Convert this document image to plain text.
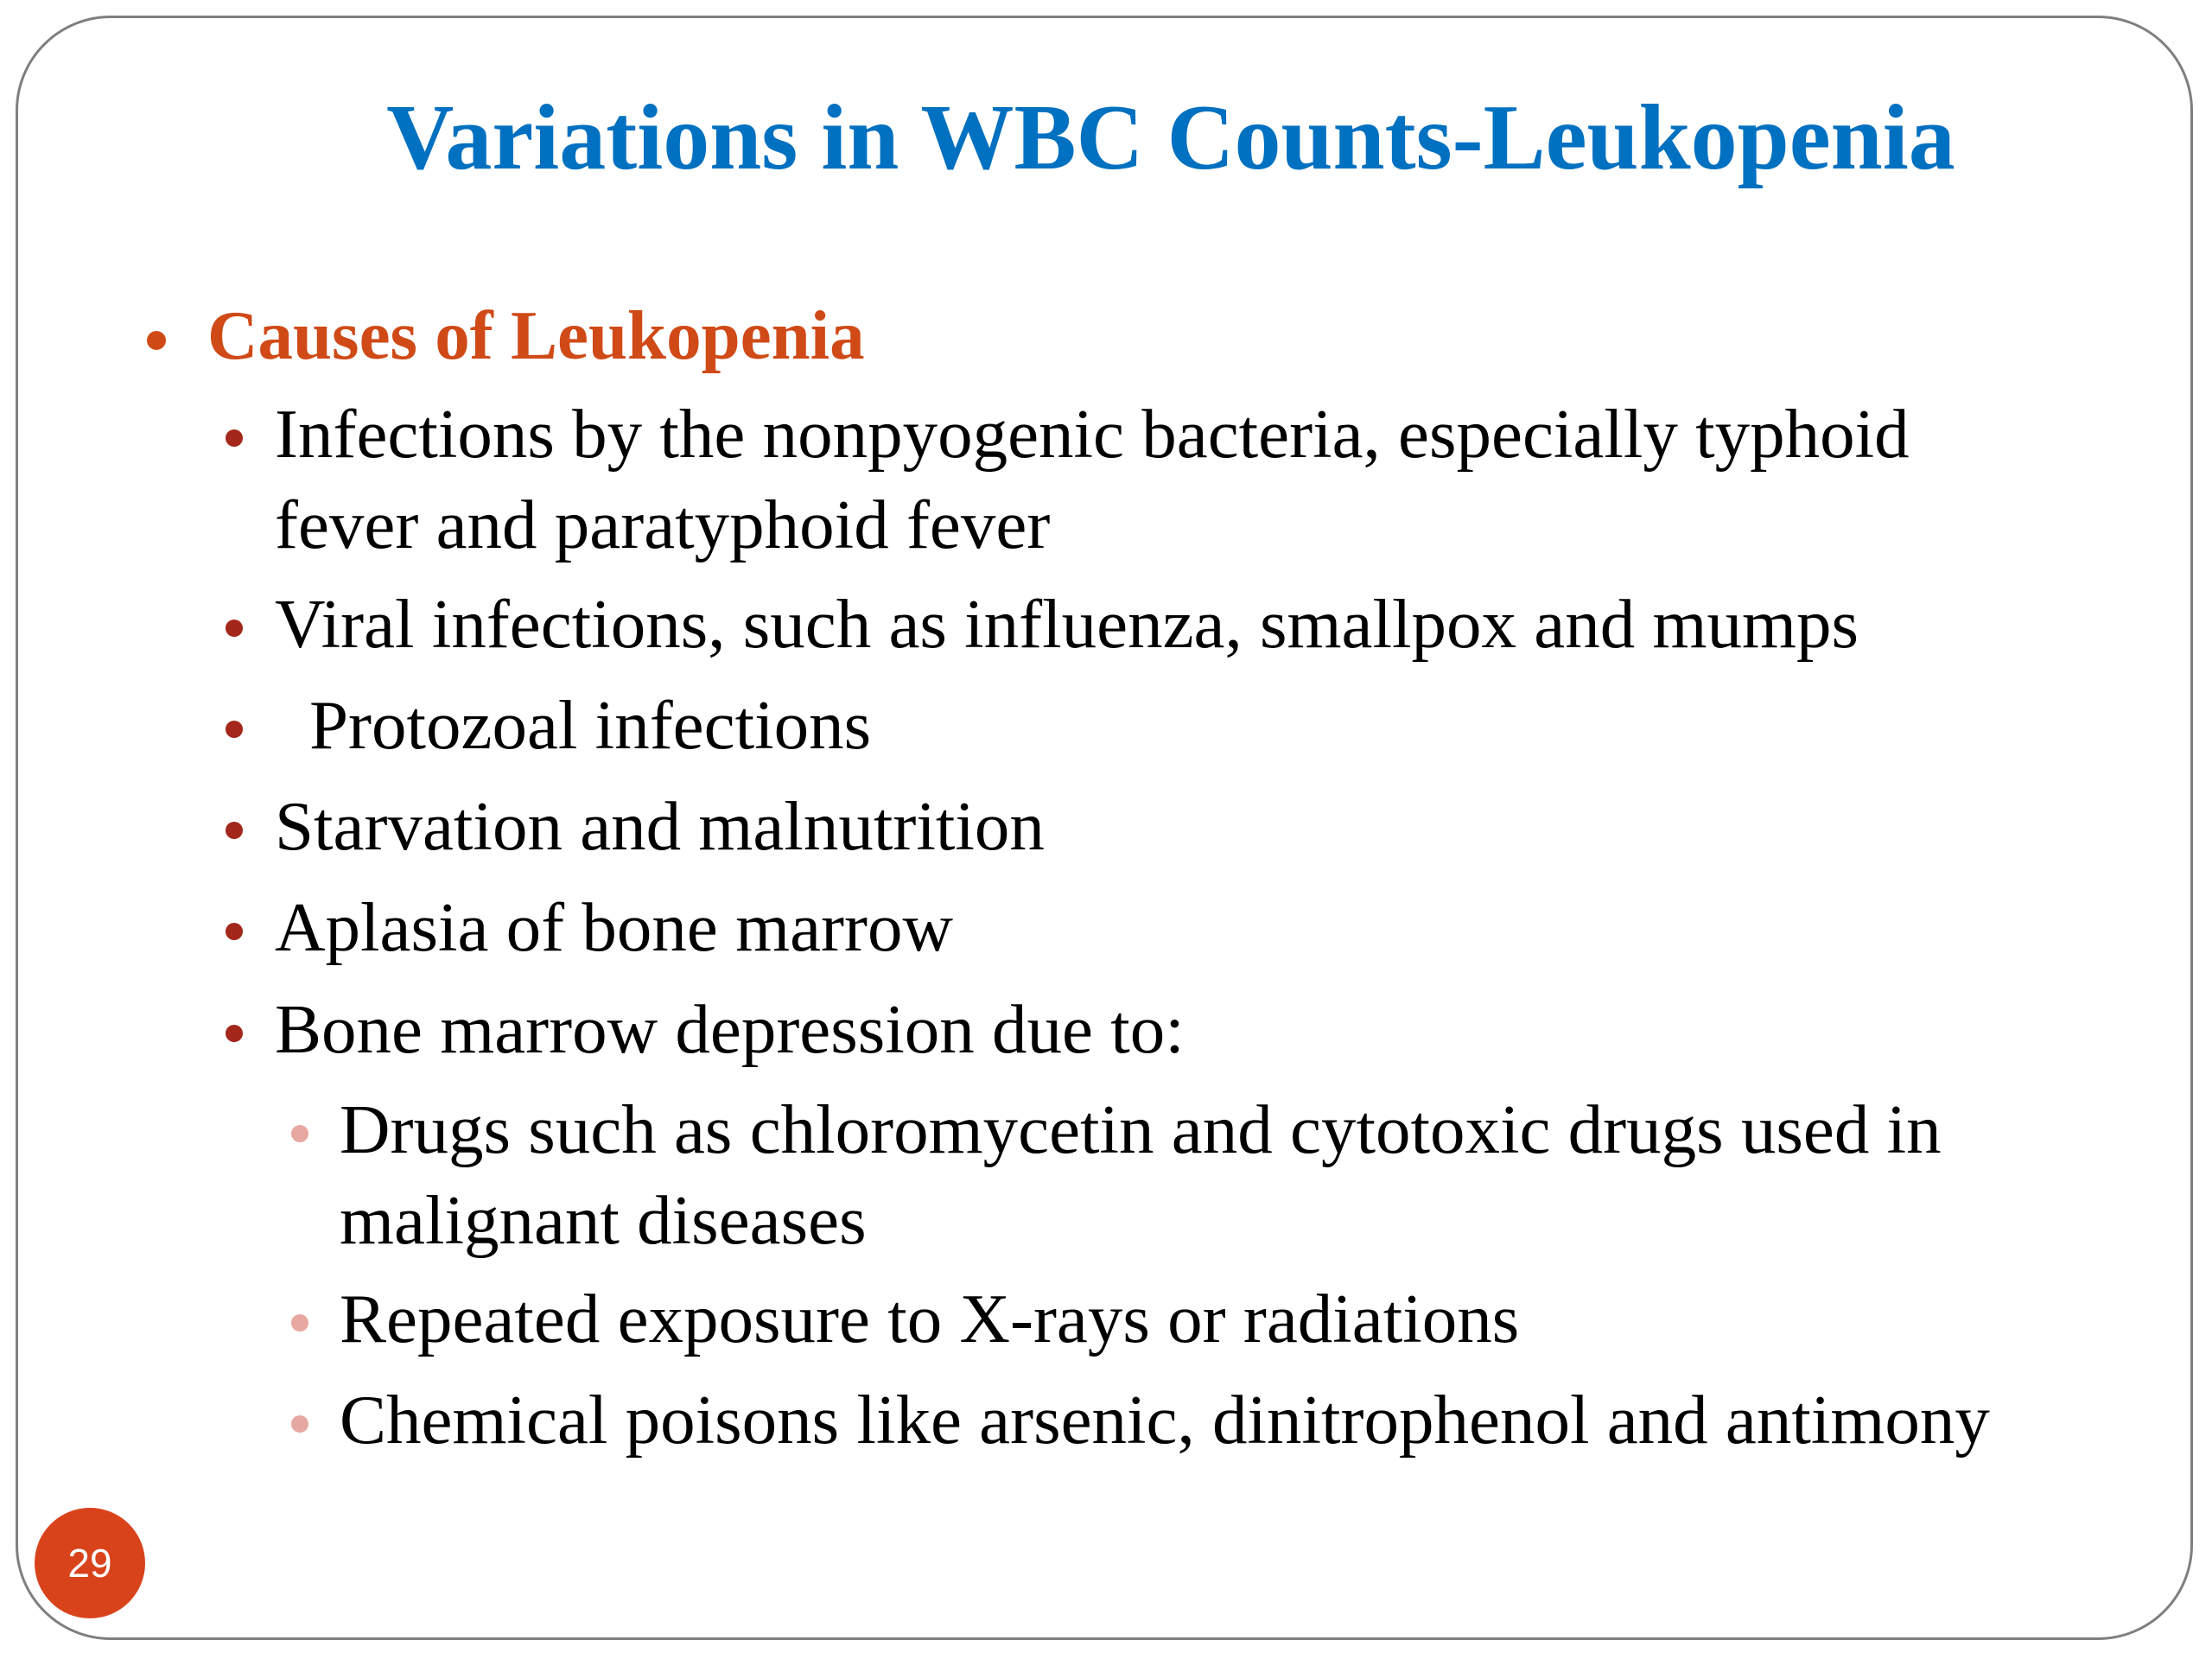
Variations in WBC Counts-Leukopenia
Causes of Leukopenia
Infections by the nonpyogenic bacteria, especially typhoid
fever and paratyphoid fever
Viral infections, such as influenza, smallpox and mumps
Protozoal infections
Starvation and malnutrition
Aplasia of bone marrow
Bone marrow depression due to:
Drugs such as chloromycetin and cytotoxic drugs used in
malignant diseases
Repeated exposure to X-rays or radiations
Chemical poisons like arsenic, dinitrophenol and antimony
29
